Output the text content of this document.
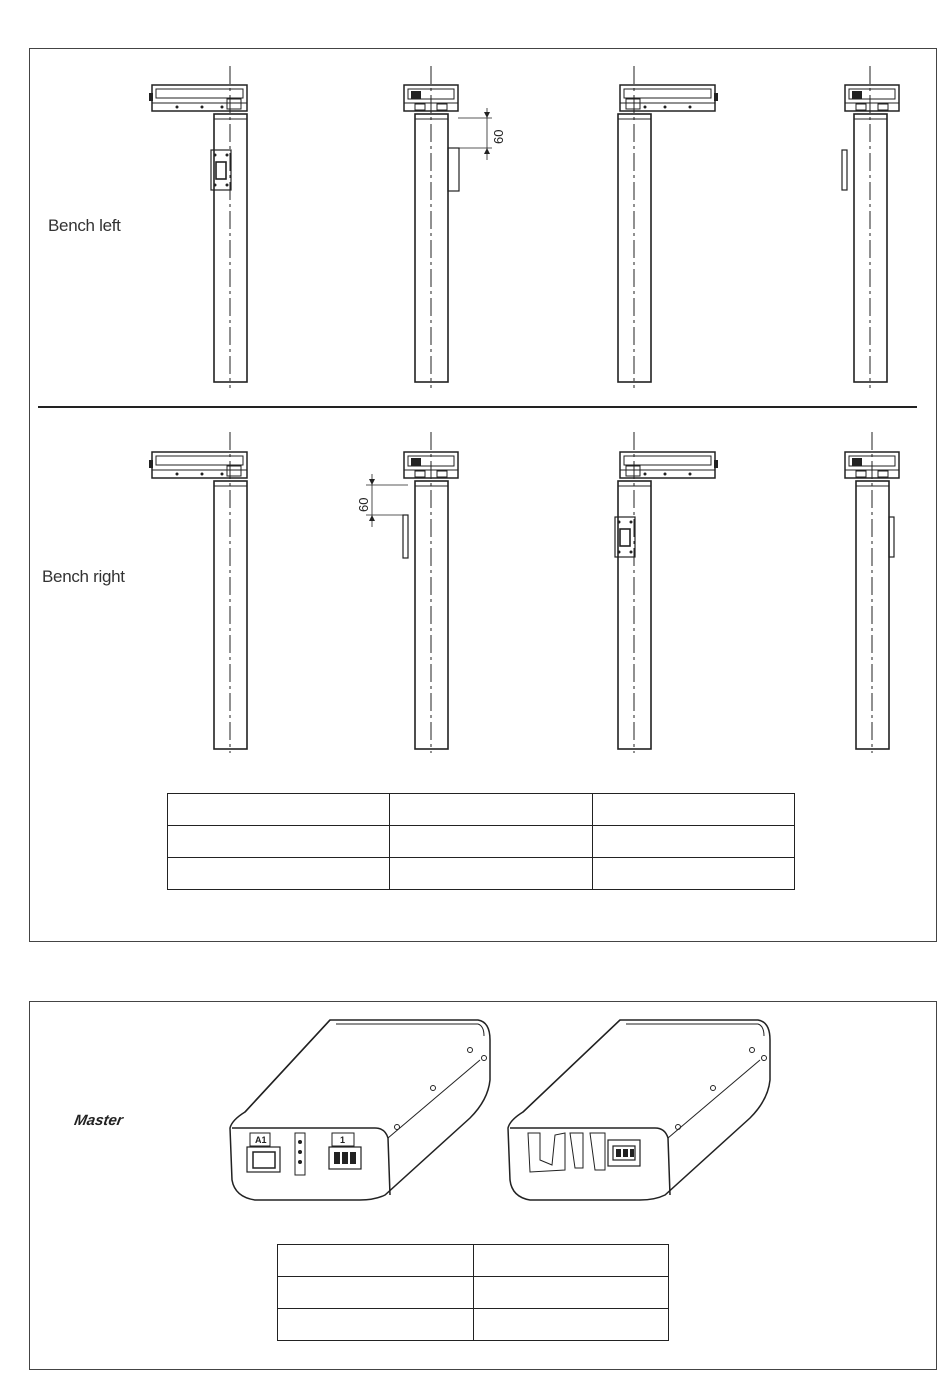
Bench left
Bench right
60
60
Master
A1	1
